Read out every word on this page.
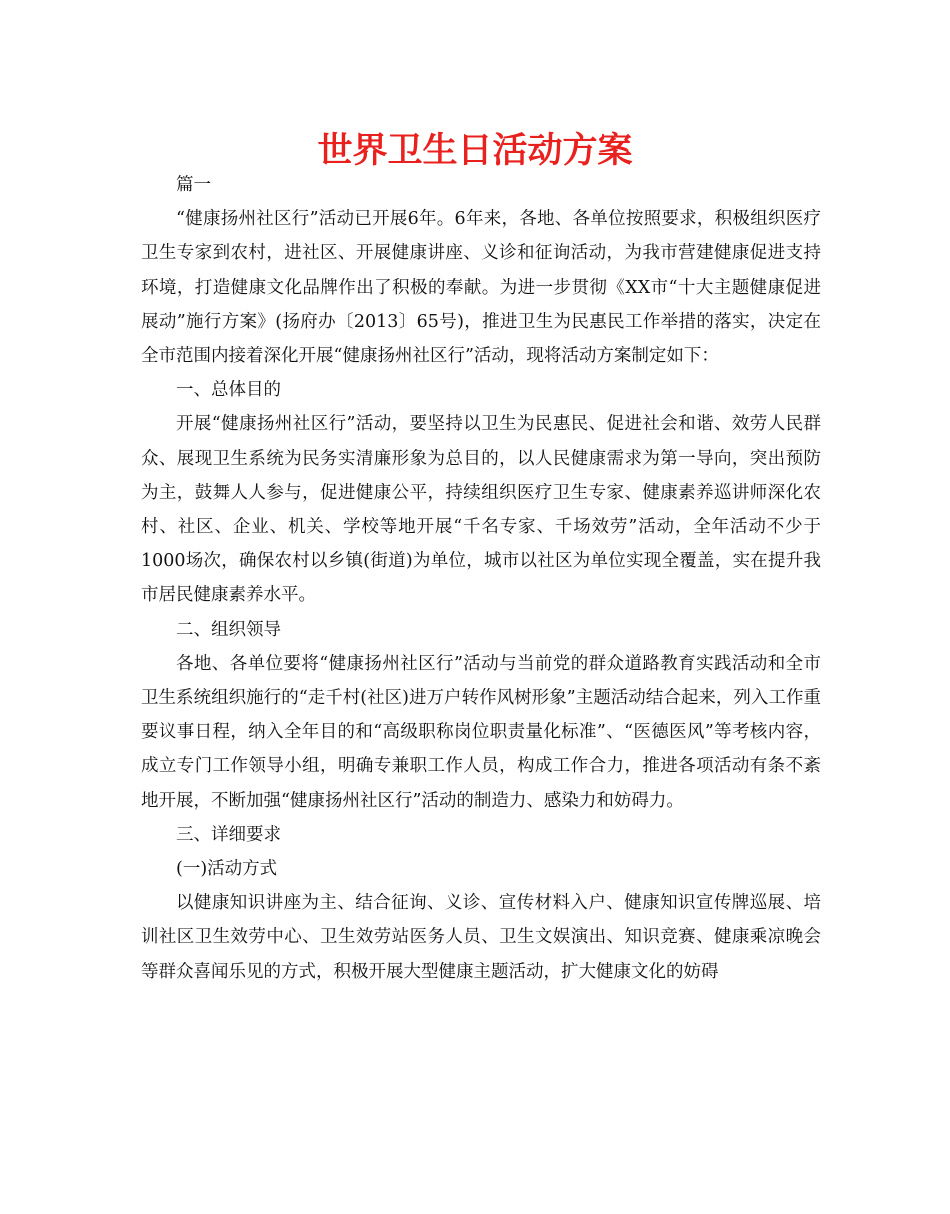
世界卫生日活动方案

篇一

“健康扬州社区行”活动已开展6年。6年来，各地、各单位按照要求，积极组织医疗卫生专家到农村，进社区、开展健康讲座、义诊和征询活动，为我市营建健康促进支持环境，打造健康文化品牌作出了积极的奉献。为进一步贯彻《XX市“十大主题健康促进展动”施行方案》(扬府办〔2013〕65号)，推进卫生为民惠民工作举措的落实，决定在全市范围内接着深化开展“健康扬州社区行”活动，现将活动方案制定如下：

一、总体目的

开展“健康扬州社区行”活动，要坚持以卫生为民惠民、促进社会和谐、效劳人民群众、展现卫生系统为民务实清廉形象为总目的，以人民健康需求为第一导向，突出预防为主，鼓舞人人参与，促进健康公平，持续组织医疗卫生专家、健康素养巡讲师深化农村、社区、企业、机关、学校等地开展“千名专家、千场效劳”活动，全年活动不少于1000场次，确保农村以乡镇(街道)为单位，城市以社区为单位实现全覆盖，实在提升我市居民健康素养水平。

二、组织领导

各地、各单位要将“健康扬州社区行”活动与当前党的群众道路教育实践活动和全市卫生系统组织施行的“走千村(社区)进万户转作风树形象”主题活动结合起来，列入工作重要议事日程，纳入全年目的和“高级职称岗位职责量化标准”、“医德医风”等考核内容，成立专门工作领导小组，明确专兼职工作人员，构成工作合力，推进各项活动有条不紊地开展，不断加强“健康扬州社区行”活动的制造力、感染力和妨碍力。

三、详细要求

(一)活动方式

以健康知识讲座为主、结合征询、义诊、宣传材料入户、健康知识宣传牌巡展、培训社区卫生效劳中心、卫生效劳站医务人员、卫生文娱演出、知识竞赛、健康乘凉晚会等群众喜闻乐见的方式，积极开展大型健康主题活动，扩大健康文化的妨碍
